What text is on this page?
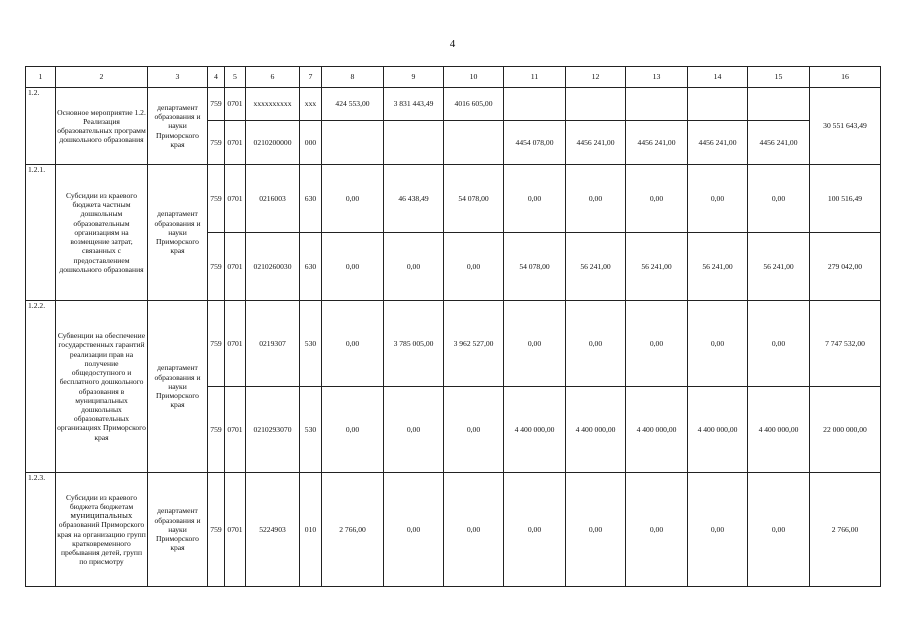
4
1	2	3	4	5	6	7	8	9	10	11	12	13	14	15	16
1.2.	Основное мероприятие 1.2. Реализация образовательных программ дошкольного образования	департамент образования и науки Приморского края	759	0701	xxxxxxxxxx	xxx	424 553,00	3 831 443,49	4016 605,00						30 551 643,49
			759	0701	0210200000	000				4454 078,00	4456 241,00	4456 241,00	4456 241,00	4456 241,00	
1.2.1.	Субсидии из краевого бюджета частным дошкольным образовательным организациям на возмещение затрат, связанных с предоставлением дошкольного образования	департамент образования и науки Приморского края	759	0701	0216003	630	0,00	46 438,49	54 078,00	0,00	0,00	0,00	0,00	0,00	100 516,49
			759	0701	0210260030	630	0,00	0,00	0,00	54 078,00	56 241,00	56 241,00	56 241,00	56 241,00	279 042,00
1.2.2.	Субвенции на обеспечение государственных гарантий реализации прав на получение общедоступного и бесплатного дошкольного образования в муниципальных дошкольных образовательных организациях Приморского края	департамент образования и науки Приморского края	759	0701	0219307	530	0,00	3 785 005,00	3 962 527,00	0,00	0,00	0,00	0,00	0,00	7 747 532,00
			759	0701	0210293070	530	0,00	0,00	0,00	4 400 000,00	4 400 000,00	4 400 000,00	4 400 000,00	4 400 000,00	22 000 000,00
1.2.3.	Субсидии из краевого бюджета бюджетам муниципальных образований Приморского края на организацию групп кратковременного пребывания детей, групп по присмотру	департамент образования и науки Приморского края	759	0701	5224903	010	2 766,00	0,00	0,00	0,00	0,00	0,00	0,00	0,00	2 766,00
